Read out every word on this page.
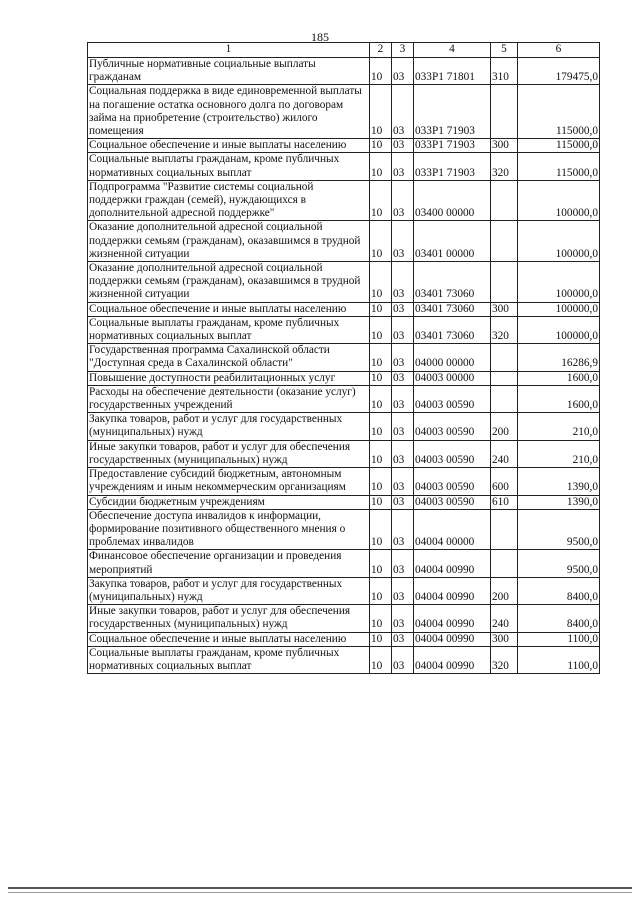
185
1	2	3	4	5	6
Публичные нормативные социальные выплаты гражданам	10	03	033P1 71801	310	179475,0
Социальная поддержка в виде единовременной выплаты на погашение остатка основного долга по договорам займа на приобретение (строительство) жилого помещения	10	03	033P1 71903		115000,0
Социальное обеспечение и иные выплаты населению	10	03	033P1 71903	300	115000,0
Социальные выплаты гражданам, кроме публичных нормативных социальных выплат	10	03	033P1 71903	320	115000,0
Подпрограмма "Развитие системы социальной поддержки граждан (семей), нуждающихся в дополнительной адресной поддержке"	10	03	03400 00000		100000,0
Оказание дополнительной адресной социальной поддержки семьям (гражданам), оказавшимся в трудной жизненной ситуации	10	03	03401 00000		100000,0
Оказание дополнительной адресной социальной поддержки семьям (гражданам), оказавшимся в трудной жизненной ситуации	10	03	03401 73060		100000,0
Социальное обеспечение и иные выплаты населению	10	03	03401 73060	300	100000,0
Социальные выплаты гражданам, кроме публичных нормативных социальных выплат	10	03	03401 73060	320	100000,0
Государственная программа Сахалинской области "Доступная среда в Сахалинской области"	10	03	04000 00000		16286,9
Повышение доступности реабилитационных услуг	10	03	04003 00000		1600,0
Расходы на обеспечение деятельности (оказание услуг) государственных учреждений	10	03	04003 00590		1600,0
Закупка товаров, работ и услуг для государственных (муниципальных) нужд	10	03	04003 00590	200	210,0
Иные закупки товаров, работ и услуг для обеспечения государственных (муниципальных) нужд	10	03	04003 00590	240	210,0
Предоставление субсидий бюджетным, автономным учреждениям и иным некоммерческим организациям	10	03	04003 00590	600	1390,0
Субсидии бюджетным учреждениям	10	03	04003 00590	610	1390,0
Обеспечение доступа инвалидов к информации, формирование позитивного общественного мнения о проблемах инвалидов	10	03	04004 00000		9500,0
Финансовое обеспечение организации и проведения мероприятий	10	03	04004 00990		9500,0
Закупка товаров, работ и услуг для государственных (муниципальных) нужд	10	03	04004 00990	200	8400,0
Иные закупки товаров, работ и услуг для обеспечения государственных (муниципальных) нужд	10	03	04004 00990	240	8400,0
Социальное обеспечение и иные выплаты населению	10	03	04004 00990	300	1100,0
Социальные выплаты гражданам, кроме публичных нормативных социальных выплат	10	03	04004 00990	320	1100,0
